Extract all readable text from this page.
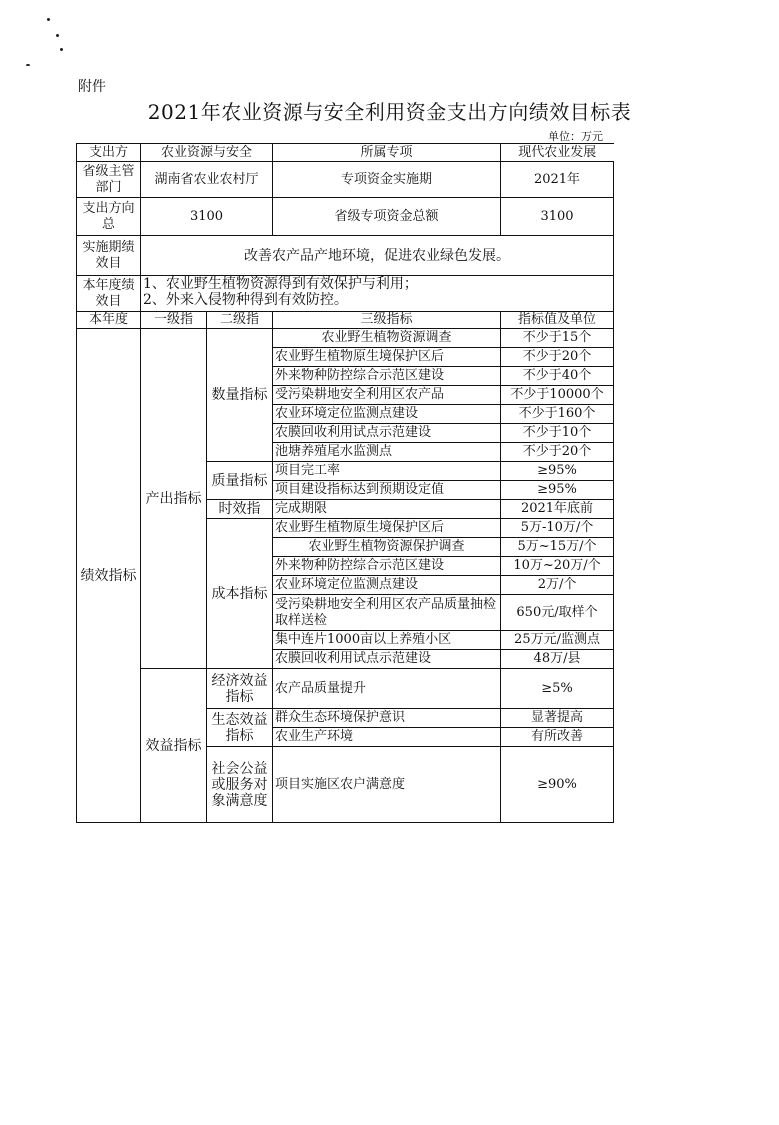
附件
2021年农业资源与安全利用资金支出方向绩效目标表
单位：万元
支出方	农业资源与安全		所属专项	现代农业发展
省级主管部门	湖南省农业农村厅		专项资金实施期	2021年
支出方向　总	3100		省级专项资金总额	3100
实施期绩效目	改善农产品产地环境，促进农业绿色发展。			
本年度绩效目	1、农业野生植物资源得到有效保护与利用；
2、外来入侵物种得到有效防控。			

本年度	一级指	二级指	三级指标	指标值及单位
绩效指标	产出指标	数量指标	农业野生植物资源调查	不少于15个
			农业野生植物原生境保护区后	不少于20个
			外来物种防控综合示范区建设	不少于40个
			受污染耕地安全利用区农产品	不少于10000个
			农业环境定位监测点建设	不少于160个
			农膜回收利用试点示范建设	不少于10个
			池塘养殖尾水监测点	不少于20个
		质量指标	项目完工率	≥95%
			项目建设指标达到预期设定值	≥95%
		时效指	完成期限	2021年底前
		成本指标	农业野生植物原生境保护区后	5万-10万/个
			农业野生植物资源保护调查	5万~15万/个
			外来物种防控综合示范区建设	10万~20万/个
			农业环境定位监测点建设	2万/个
			受污染耕地安全利用区农产品质量抽检取样送检	650元/取样个
			集中连片1000亩以上养殖小区	25万元/监测点
			农膜回收利用试点示范建设	48万/县
	效益指标	经济效益指标	农产品质量提升	≥5%
		生态效益指标	群众生态环境保护意识	显著提高
			农业生产环境	有所改善
		社会公益或服务对象满意度	项目实施区农户满意度	≥90%
